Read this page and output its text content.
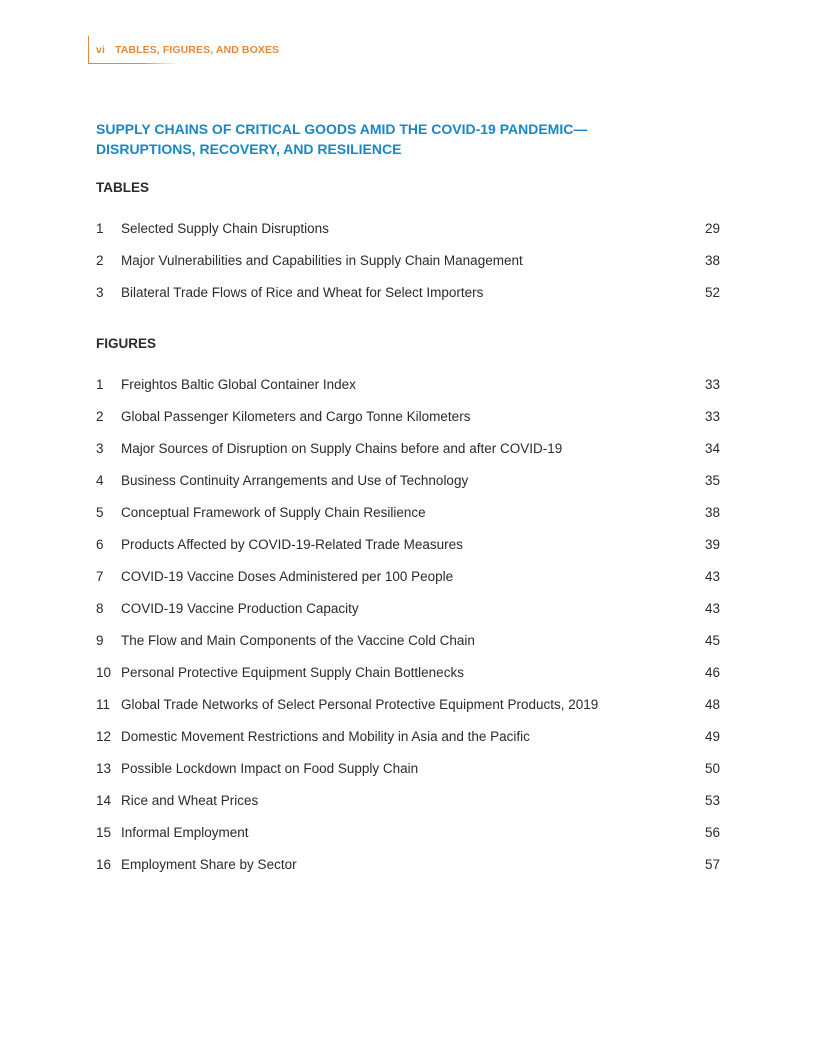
vi TABLES, FIGURES, AND BOXES
SUPPLY CHAINS OF CRITICAL GOODS AMID THE COVID-19 PANDEMIC—
DISRUPTIONS, RECOVERY, AND RESILIENCE
TABLES
1 Selected Supply Chain Disruptions	29
2 Major Vulnerabilities and Capabilities in Supply Chain Management	38
3 Bilateral Trade Flows of Rice and Wheat for Select Importers	52
FIGURES
1 Freightos Baltic Global Container Index	33
2 Global Passenger Kilometers and Cargo Tonne Kilometers	33
3 Major Sources of Disruption on Supply Chains before and after COVID-19	34
4 Business Continuity Arrangements and Use of Technology	35
5 Conceptual Framework of Supply Chain Resilience	38
6 Products Affected by COVID-19-Related Trade Measures	39
7 COVID-19 Vaccine Doses Administered per 100 People	43
8 COVID-19 Vaccine Production Capacity	43
9 The Flow and Main Components of the Vaccine Cold Chain	45
10 Personal Protective Equipment Supply Chain Bottlenecks	46
11 Global Trade Networks of Select Personal Protective Equipment Products, 2019	48
12 Domestic Movement Restrictions and Mobility in Asia and the Pacific	49
13 Possible Lockdown Impact on Food Supply Chain	50
14 Rice and Wheat Prices	53
15 Informal Employment	56
16 Employment Share by Sector	57
